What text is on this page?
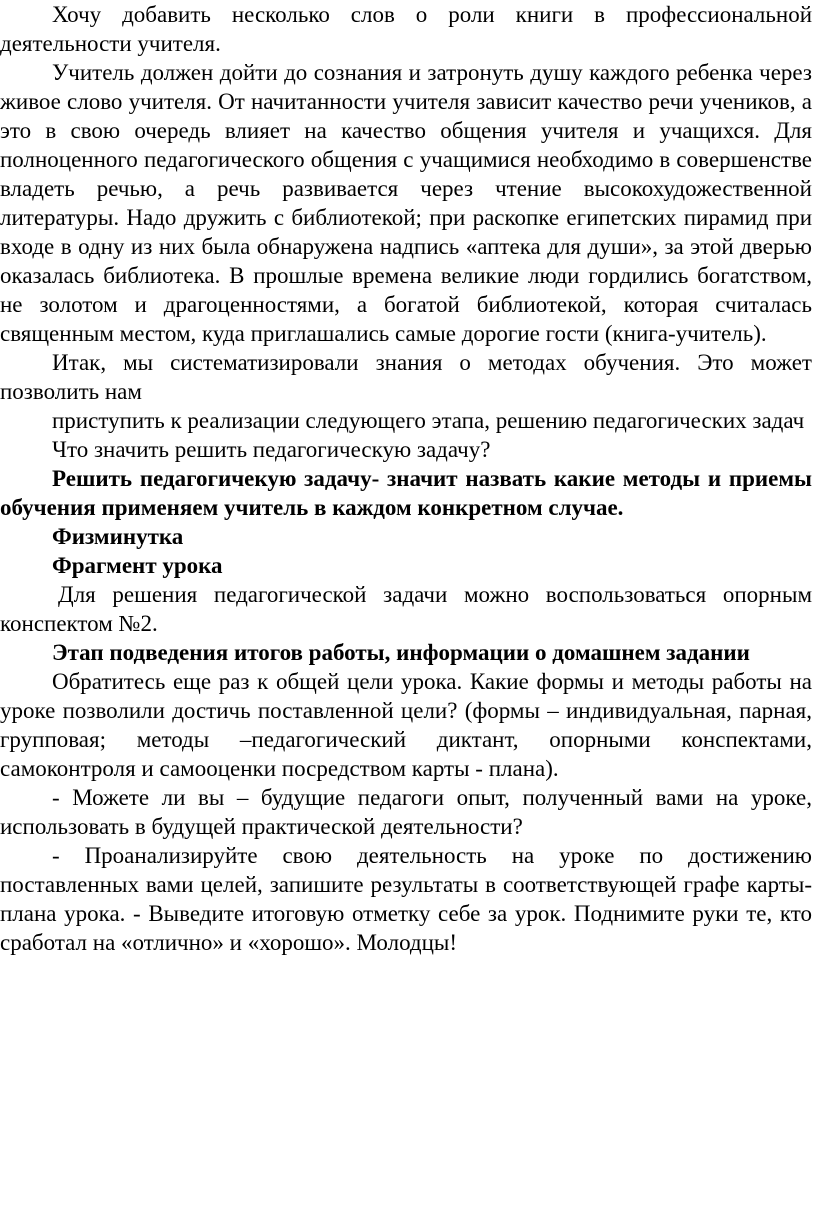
Хочу добавить несколько слов о роли книги в профессиональной деятельности учителя.

Учитель должен дойти до сознания и затронуть душу каждого ребенка через живое слово учителя. От начитанности учителя зависит качество речи учеников, а это в свою очередь влияет на качество общения учителя и учащихся. Для полноценного педагогического общения с учащимися необходимо в совершенстве владеть речью, а речь развивается через чтение высокохудожественной литературы. Надо дружить с библиотекой; при раскопке египетских пирамид при входе в одну из них была обнаружена надпись «аптека для души», за этой дверью оказалась библиотека. В прошлые времена великие люди гордились богатством, не золотом и драгоценностями, а богатой библиотекой, которая считалась священным местом, куда приглашались самые дорогие гости (книга-учитель).

Итак, мы систематизировали знания о методах обучения. Это может позволить нам

приступить к реализации следующего этапа, решению педагогических задач

Что значить решить педагогическую задачу?

Решить педагогичекую задачу- значит назвать какие методы и приемы обучения применяем учитель в каждом конкретном случае.

Физминутка

Фрагмент урока

Для решения педагогической задачи можно воспользоваться опорным конспектом №2.

Этап подведения итогов работы, информации о домашнем задании

Обратитесь еще раз к общей цели урока. Какие формы и методы работы на уроке позволили достичь поставленной цели? (формы – индивидуальная, парная, групповая; методы –педагогический диктант, опорными конспектами, самоконтроля и самооценки посредством карты - плана).

- Можете ли вы – будущие педагоги опыт, полученный вами на уроке, использовать в будущей практической деятельности?

- Проанализируйте свою деятельность на уроке по достижению поставленных вами целей, запишите результаты в соответствующей графе карты-плана урока. - Выведите итоговую отметку себе за урок. Поднимите руки те, кто сработал на «отлично» и «хорошо». Молодцы!
